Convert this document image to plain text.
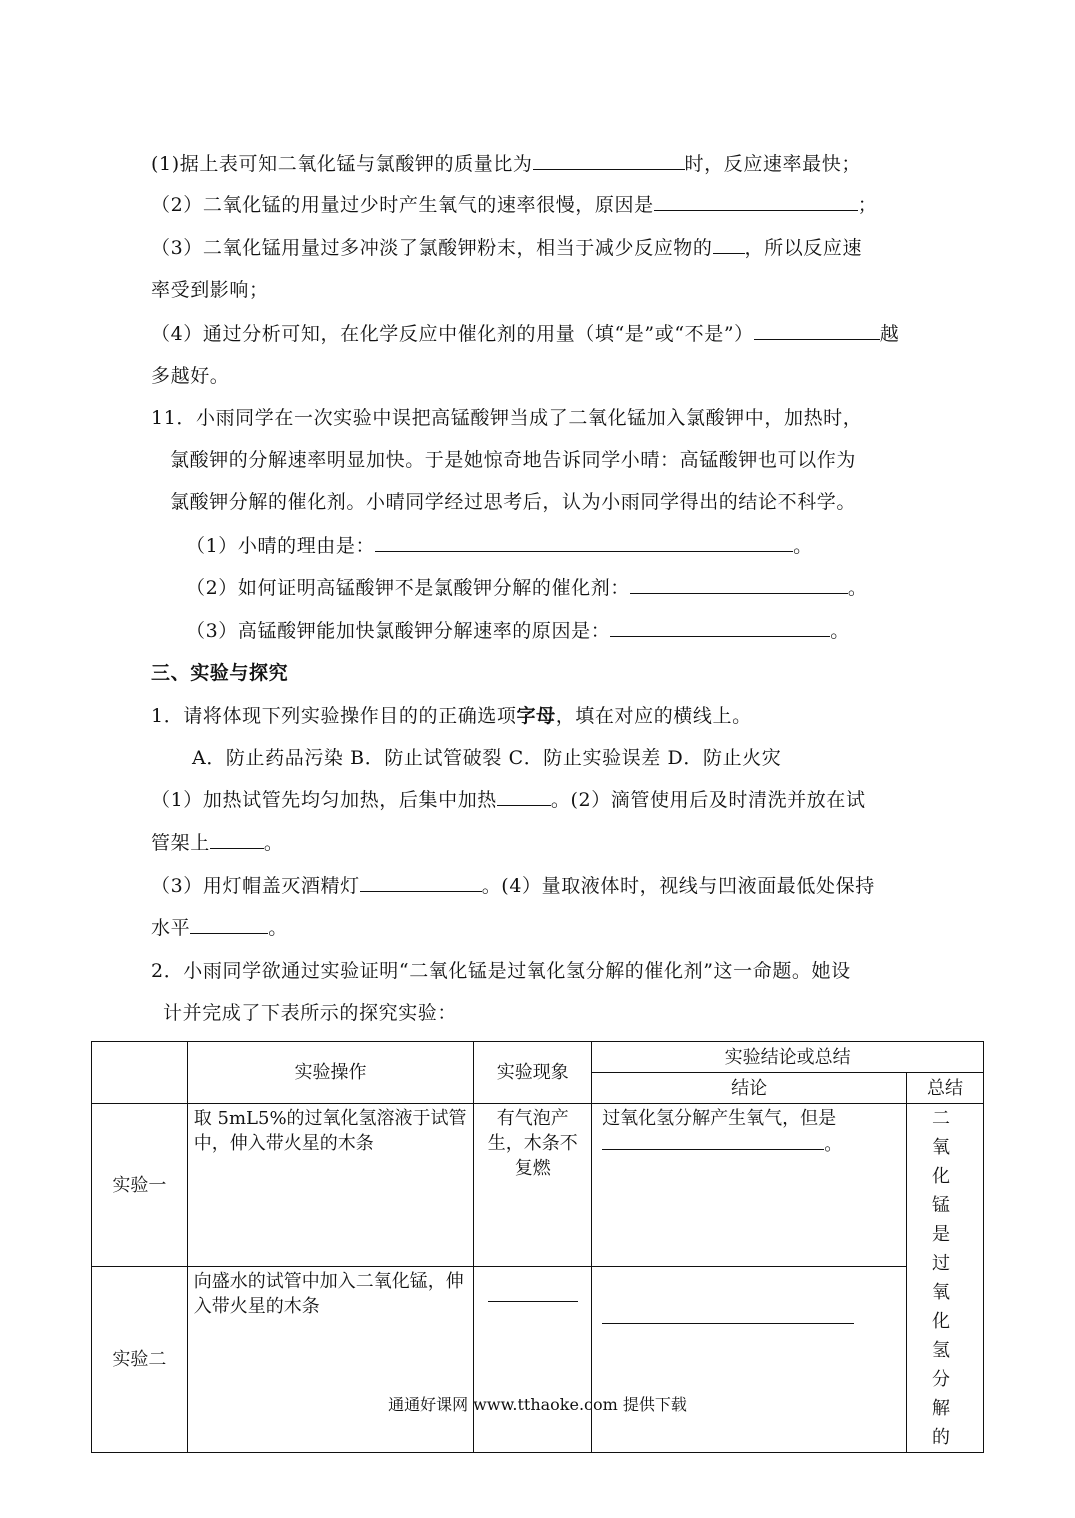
(1)据上表可知二氧化锰与氯酸钾的质量比为	时，反应速率最快；
（2）二氧化锰的用量过少时产生氧气的速率很慢，原因是	；
（3）二氧化锰用量过多冲淡了氯酸钾粉末，相当于减少反应物的 ，所以反应速
率受到影响；
（4）通过分析可知，在化学反应中催化剂的用量（填“是”或“不是”）	越
多越好。
11．小雨同学在一次实验中误把高锰酸钾当成了二氧化锰加入氯酸钾中，加热时，
氯酸钾的分解速率明显加快。于是她惊奇地告诉同学小晴：高锰酸钾也可以作为
氯酸钾分解的催化剂。小晴同学经过思考后，认为小雨同学得出的结论不科学。
（1）小晴的理由是：	。
（2）如何证明高锰酸钾不是氯酸钾分解的催化剂：	。
（3）高锰酸钾能加快氯酸钾分解速率的原因是：	。
三、实验与探究
1．请将体现下列实验操作目的的正确选项字母，填在对应的横线上。
A．防止药品污染 B．防止试管破裂 C．防止实验误差 D．防止火灾
（1）加热试管先均匀加热，后集中加热	。(2）滴管使用后及时清洗并放在试
管架上	。
（3）用灯帽盖灭酒精灯	。(4）量取液体时，视线与凹液面最低处保持
水平	。
2．小雨同学欲通过实验证明“二氧化锰是过氧化氢分解的催化剂”这一命题。她设
计并完成了下表所示的探究实验：
	实验操作	实验现象	实验结论或总结	
			结论	总结
实验一	取 5mL5%的过氧化氢溶液于试管中，伸入带火星的木条	有气泡产生，木条不复燃	过氧化氢分解产生氧气，但是。	二氧化锰是过氧化氢分解的
实验二	向盛水的试管中加入二氧化锰，伸入带火星的木条			
通通好课网 www.tthaoke.com 提供下载
